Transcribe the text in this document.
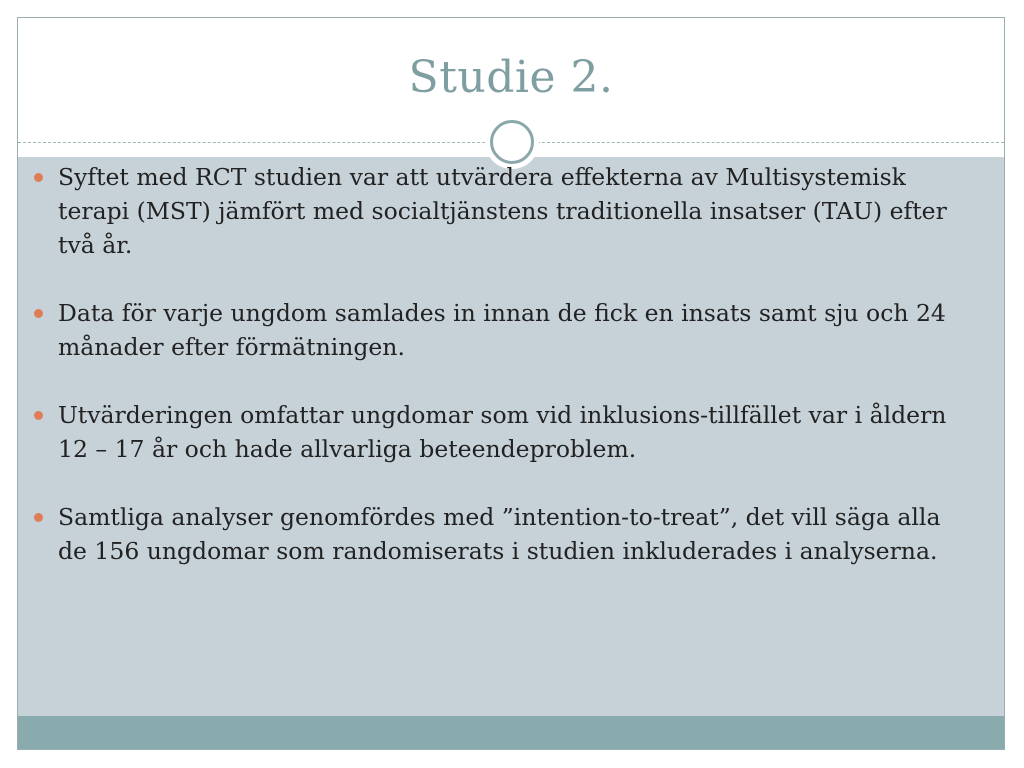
Studie 2.
Syftet med RCT studien var att utvärdera effekterna av Multisystemisk terapi (MST) jämfört med socialtjänstens traditionella insatser (TAU) efter två år.
Data för varje ungdom samlades in innan de fick en insats samt sju och 24 månader efter förmätningen.
Utvärderingen omfattar ungdomar som vid inklusions-tillfället var i åldern 12 – 17 år och hade allvarliga beteendeproblem.
Samtliga analyser genomfördes med ”intention-to-treat”, det vill säga alla de 156 ungdomar som randomiserats i studien inkluderades i analyserna.
